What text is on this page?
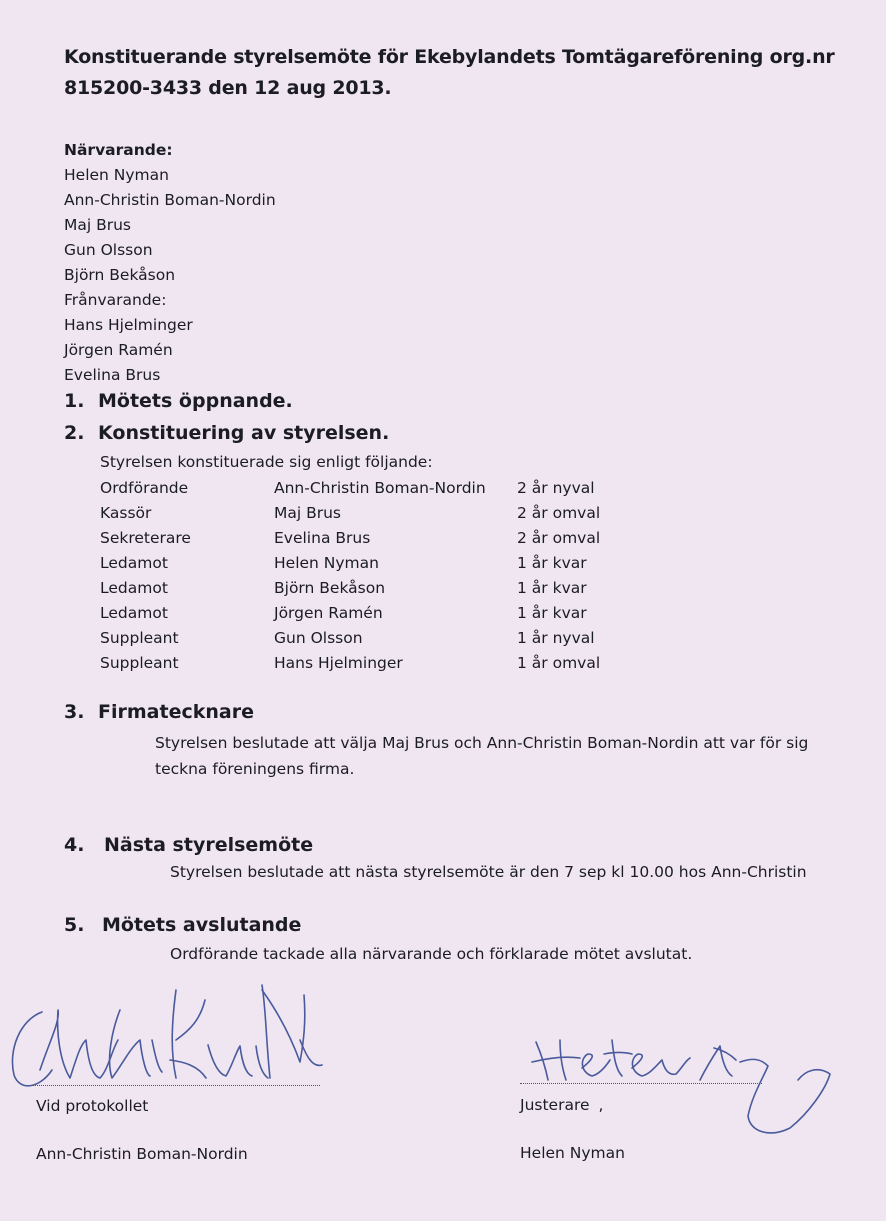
Konstituerande styrelsemöte för Ekebylandets Tomtägareförening org.nr
815200-3433 den 12 aug 2013.
Närvarande:
Helen Nyman
Ann-Christin Boman-Nordin
Maj Brus
Gun Olsson
Björn Bekåson
Frånvarande:
Hans Hjelminger
Jörgen Ramén
Evelina Brus
1. Mötets öppnande.
2. Konstituering av styrelsen.
Styrelsen konstituerade sig enligt följande:
Ordförande	Ann-Christin Boman-Nordin	2 år nyval
Kassör	Maj Brus	2 år omval
Sekreterare	Evelina Brus	2 år omval
Ledamot	Helen Nyman	1 år kvar
Ledamot	Björn Bekåson	1 år kvar
Ledamot	Jörgen Ramén	1 år kvar
Suppleant	Gun Olsson	1 år nyval
Suppleant	Hans Hjelminger	1 år omval
3. Firmatecknare
Styrelsen beslutade att välja Maj Brus och Ann-Christin Boman-Nordin att var för sig
teckna föreningens firma.
4. Nästa styrelsemöte
Styrelsen beslutade att nästa styrelsemöte är den 7 sep kl 10.00 hos Ann-Christin
5. Mötets avslutande
Ordförande tackade alla närvarande och förklarade mötet avslutat.
Vid protokollet
Ann-Christin Boman-Nordin
Justerare ,
Helen Nyman
